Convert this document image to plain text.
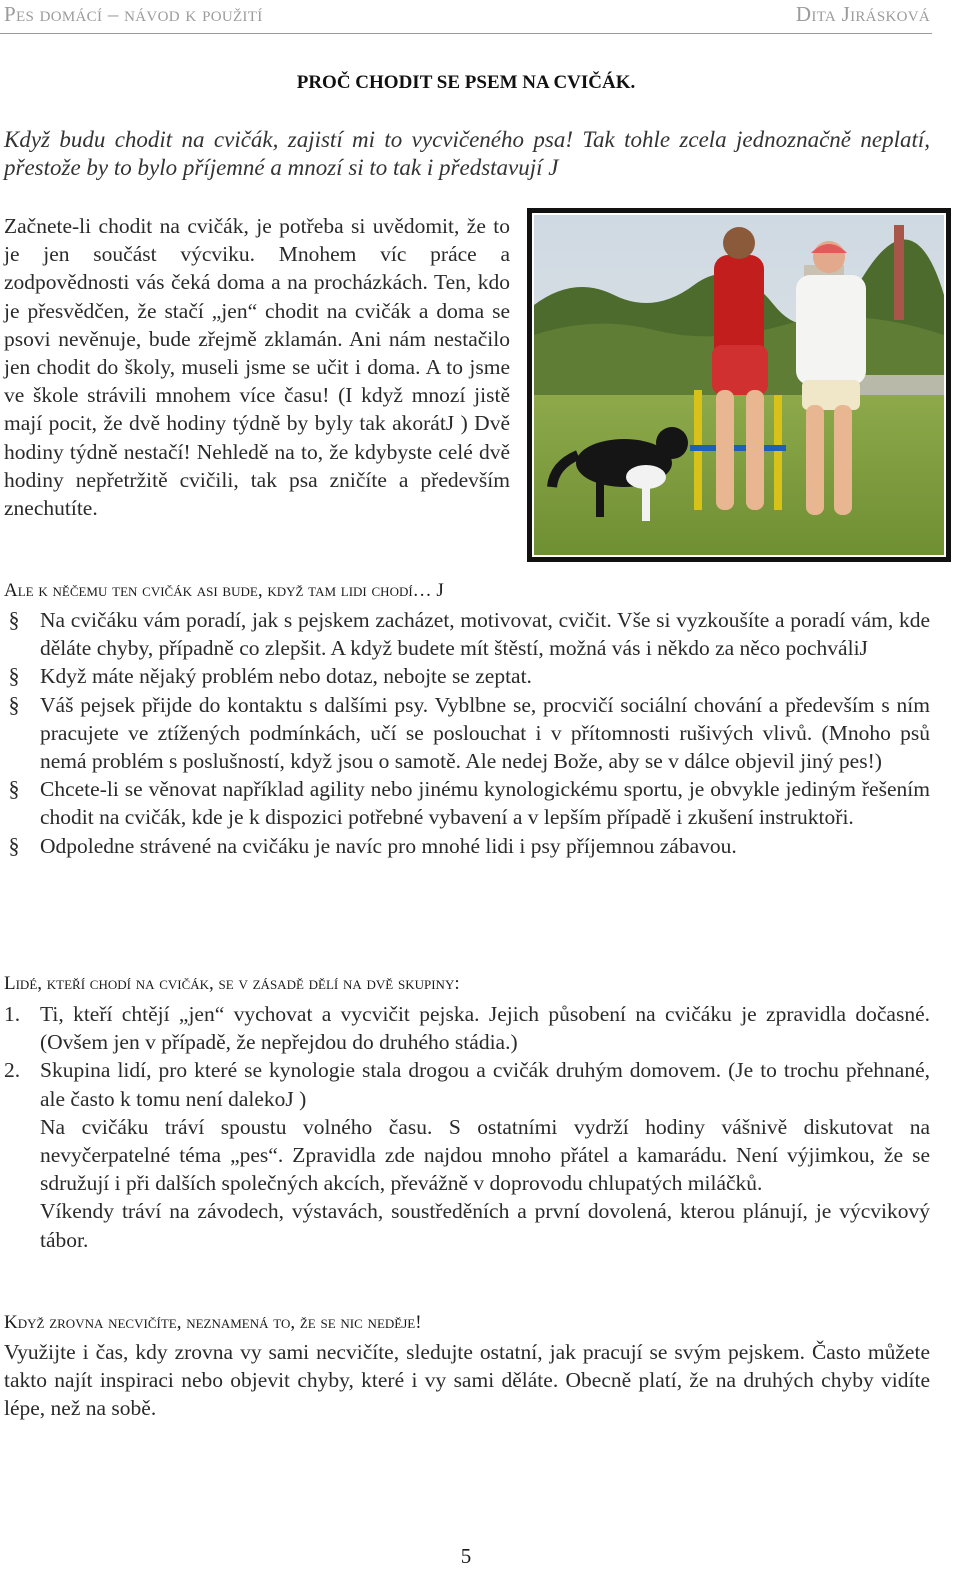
Pes domácí – návod k použití	Dita Jirásková
PROČ CHODIT SE PSEM NA CVIČÁK.

Když budu chodit na cvičák, zajistí mi to vycvičeného psa! Tak tohle zcela jednoznačně neplatí, přestože by to bylo příjemné a mnozí si to tak i představují J

Začnete-li chodit na cvičák, je potřeba si uvědomit, že to je jen součást výcviku. Mnohem víc práce a zodpovědnosti vás čeká doma a na procházkách. Ten, kdo je přesvědčen, že stačí „jen“ chodit na cvičák a doma se psovi nevěnuje, bude zřejmě zklamán. Ani nám nestačilo jen chodit do školy, museli jsme se učit i doma. A to jsme ve škole strávili mnohem více času! (I když mnozí jistě mají pocit, že dvě hodiny týdně by byly tak akorátJ ) Dvě hodiny týdně nestačí! Nehledě na to, že kdybyste celé dvě hodiny nepřetržitě cvičili, tak psa zničíte a především znechutíte.

Ale k něčemu ten cvičák asi bude, když tam lidi chodí… J
§ Na cvičáku vám poradí, jak s pejskem zacházet, motivovat, cvičit. Vše si vyzkoušíte a poradí vám, kde děláte chyby, případně co zlepšit. A když budete mít štěstí, možná vás i někdo za něco pochváliJ
§ Když máte nějaký problém nebo dotaz, nebojte se zeptat.
§ Váš pejsek přijde do kontaktu s dalšími psy. Vyblbne se, procvičí sociální chování a především s ním pracujete ve ztížených podmínkách, učí se poslouchat i v přítomnosti rušivých vlivů. (Mnoho psů nemá problém s poslušností, když jsou o samotě. Ale nedej Bože, aby se v dálce objevil jiný pes!)
§ Chcete-li se věnovat například agility nebo jinému kynologickému sportu, je obvykle jediným řešením chodit na cvičák, kde je k dispozici potřebné vybavení a v lepším případě i zkušení instruktoři.
§ Odpoledne strávené na cvičáku je navíc pro mnohé lidi i psy příjemnou zábavou.
Lidé, kteří chodí na cvičák, se v zásadě dělí na dvě skupiny:
1. Ti, kteří chtějí „jen“ vychovat a vycvičit pejska. Jejich působení na cvičáku je zpravidla dočasné. (Ovšem jen v případě, že nepřejdou do druhého stádia.)

2. Skupina lidí, pro které se kynologie stala drogou a cvičák druhým domovem. (Je to trochu přehnané, ale často k tomu není dalekoJ )

Na cvičáku tráví spoustu volného času. S ostatními vydrží hodiny vášnivě diskutovat na nevyčerpatelné téma „pes“. Zpravidla zde najdou mnoho přátel a kamarádu. Není výjimkou, že se sdružují i při dalších společných akcích, převážně v doprovodu chlupatých miláčků.

Víkendy tráví na závodech, výstavách, soustředěních a první dovolená, kterou plánují, je výcvikový tábor.

Když zrovna necvičíte, neznamená to, že se nic neděje!

Využijte i čas, kdy zrovna vy sami necvičíte, sledujte ostatní, jak pracují se svým pejskem. Často můžete takto najít inspiraci nebo objevit chyby, které i vy sami děláte. Obecně platí, že na druhých chyby vidíte lépe, než na sobě.

5
